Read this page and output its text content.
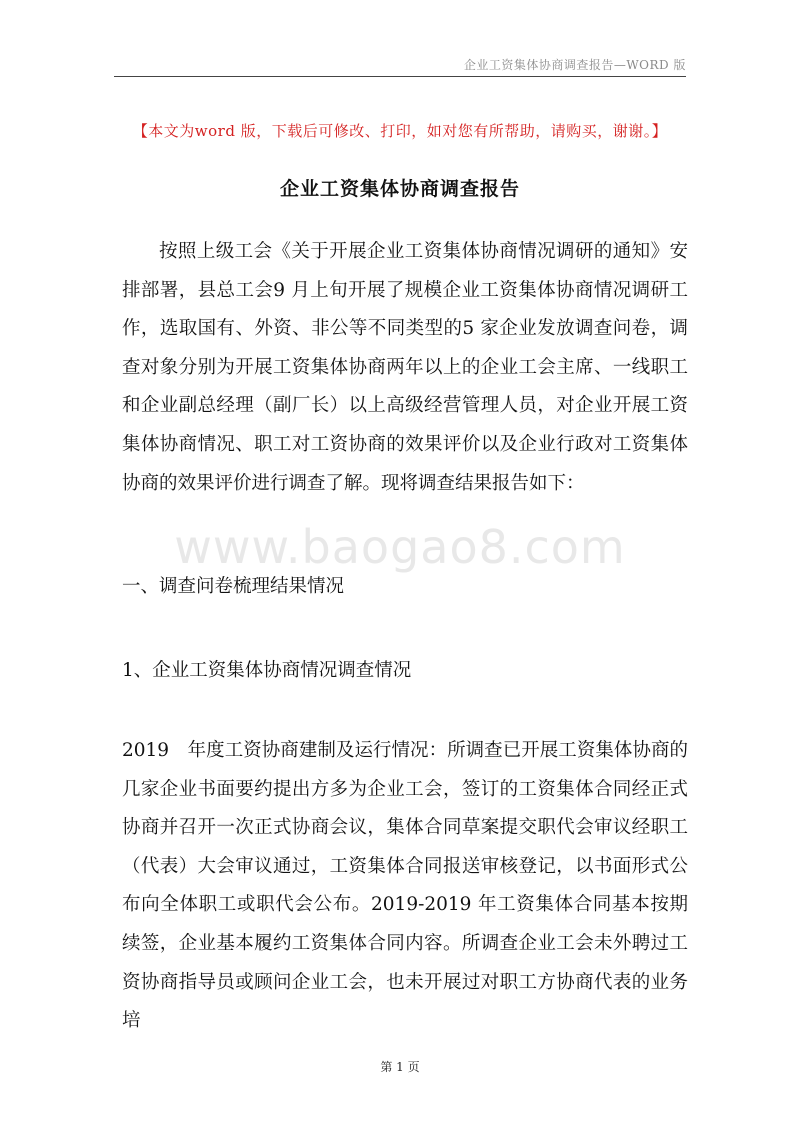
企业工资集体协商调查报告—WORD 版
【本文为word 版，下载后可修改、打印，如对您有所帮助，请购买，谢谢。】
企业工资集体协商调查报告
按照上级工会《关于开展企业工资集体协商情况调研的通知》安排部署，县总工会9 月上旬开展了规模企业工资集体协商情况调研工作，选取国有、外资、非公等不同类型的5 家企业发放调查问卷，调查对象分别为开展工资集体协商两年以上的企业工会主席、一线职工和企业副总经理（副厂长）以上高级经营管理人员，对企业开展工资集体协商情况、职工对工资协商的效果评价以及企业行政对工资集体协商的效果评价进行调查了解。现将调查结果报告如下：
www.baogao8.com
一、调查问卷梳理结果情况
1、企业工资集体协商情况调查情况
2019　年度工资协商建制及运行情况：所调查已开展工资集体协商的几家企业书面要约提出方多为企业工会，签订的工资集体合同经正式协商并召开一次正式协商会议，集体合同草案提交职代会审议经职工（代表）大会审议通过，工资集体合同报送审核登记，以书面形式公布向全体职工或职代会公布。2019-2019 年工资集体合同基本按期续签，企业基本履约工资集体合同内容。所调查企业工会未外聘过工资协商指导员或顾问企业工会，也未开展过对职工方协商代表的业务培
第 1 页
